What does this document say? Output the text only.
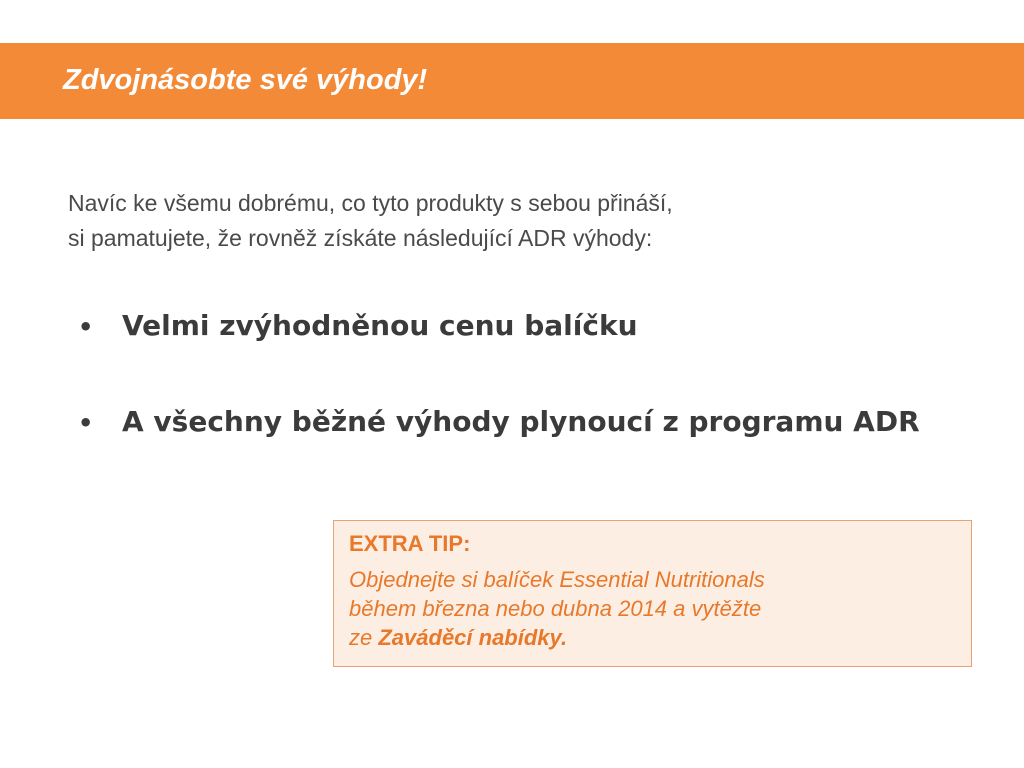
Zdvojnásobte své výhody!
Navíc ke všemu dobrému, co tyto produkty s sebou přináší,
si pamatujete, že rovněž získáte následující ADR výhody:
• Velmi zvýhodněnou cenu balíčku
• A všechny běžné výhody plynoucí z programu ADR
EXTRA TIP:
Objednejte si balíček Essential Nutritionals
během března nebo dubna 2014 a vytěžte
ze Zaváděcí nabídky.
